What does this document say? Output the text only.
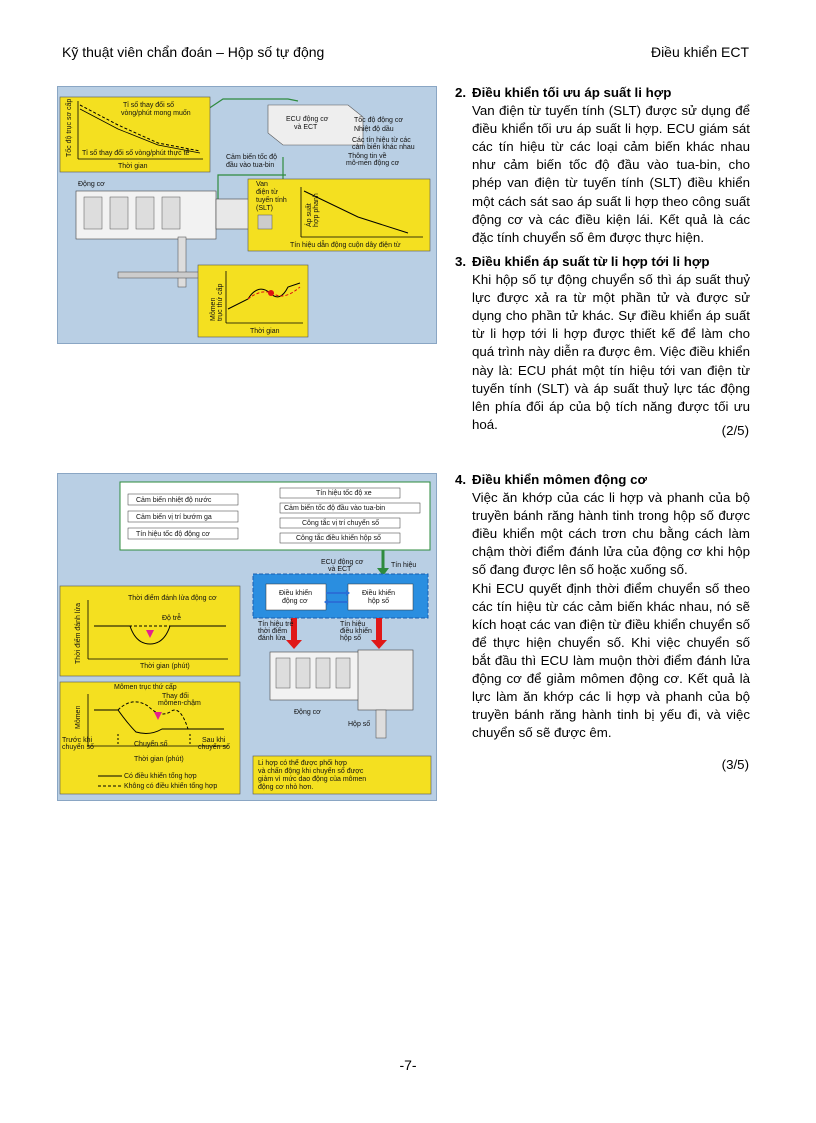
Kỹ thuật viên chẩn đoán – Hộp số tự động	Điều khiển ECT
Tỉ số thay đổi số
vòng/phút mong muốn
Tỉ số thay đổi số vòng/phút thực tế
Thời gian
Tốc độ trục sơ cấp	ECU động cơ
và ECT
Tốc độ động cơ
Nhiệt độ dầu
Các tín hiệu từ các
cảm biến khác nhau
Thông tin về
mô-men động cơ
Cảm biến tốc độ
đầu vào tua-bin
Động cơ	Van
điện từ
tuyến tính
(SLT)	Áp suất hợp phanh
Tín hiệu dẫn động cuộn dây điện từ
Mômen trục thứ cấp
Thời gian
2. Điều khiển tối ưu áp suất li hợp

Van điện từ tuyến tính (SLT) được sử dụng để điều khiển tối ưu áp suất li hợp. ECU giám sát các tín hiệu từ các loại cảm biến khác nhau như cảm biến tốc độ đầu vào tua-bin, cho phép van điện từ tuyến tính (SLT) điều khiển một cách sát sao áp suất li hợp theo công suất động cơ và các điều kiện lái. Kết quả là các đặc tính chuyển số êm được thực hiện.

3. Điều khiển áp suất từ li hợp tới li hợp

Khi hộp số tự động chuyển số thì áp suất thuỷ lực được xả ra từ một phần tử và được sử dụng cho phần tử khác. Sự điều khiển áp suất từ li hợp tới li hợp được thiết kế để làm cho quá trình này diễn ra được êm. Việc điều khiển này là: ECU phát một tín hiệu tới van điện từ tuyến tính (SLT) và áp suất thuỷ lực tác động lên phía đối áp của bộ tích năng được tối ưu hoá.	(2/5)
Cảm biến nhiệt độ nước
Cảm biến vị trí bướm ga
Tín hiệu tốc độ động cơ
Tín hiệu tốc độ xe
Cảm biến tốc độ đầu vào tua-bin
Công tắc vị trí chuyển số
Công tắc điều khiển hộp số
ECU động cơ
và ECT
Tín hiệu
Điều khiển
động cơ
Điều khiển
hộp số
Tín hiệu trễ
thời điểm
đánh lửa
Tín hiệu
điều khiển
hộp số
Thời điểm đánh lửa động cơ
Độ trễ
Thời gian (phút)
Thời điểm đánh lửa
Mômen trục thứ cấp
Thay đổi
mômen-chậm
Mômen
Trước khi
chuyển số	Chuyển số
Sau khi
chuyển số
Thời gian (phút)
Có điều khiển tổng hợp
Không có điều khiển tổng hợp
Động cơ
Hộp số
Li hợp có thể được phối hợp
và chấn động khi chuyển số được
giảm vì mức dao động của mômen
động cơ nhỏ hơn.
4. Điều khiển mômen động cơ

Việc ăn khớp của các li hợp và phanh của bộ truyền bánh răng hành tinh trong hộp số được điều khiển một cách trơn chu bằng cách làm chậm thời điểm đánh lửa của động cơ khi hộp số đang được lên số hoặc xuống số.

Khi ECU quyết định thời điểm chuyển số theo các tín hiệu từ các cảm biến khác nhau, nó sẽ kích hoạt các van điện từ điều khiển chuyển số để thực hiện chuyển số. Khi việc chuyển số bắt đầu thì ECU làm muộn thời điểm đánh lửa động cơ để giảm mômen động cơ. Kết quả là lực làm ăn khớp các li hợp và phanh của bộ truyền bánh răng hành tinh bị yếu đi, và việc chuyển số sẽ được êm.

(3/5)
-7-
